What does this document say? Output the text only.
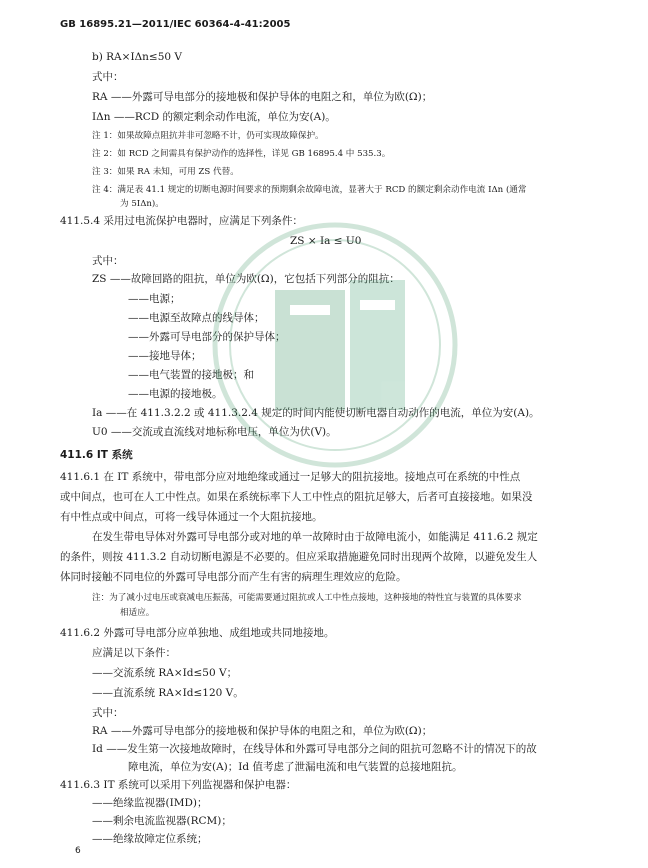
GB 16895.21—2011/IEC 60364-4-41:2005
b) RA×IΔn≤50 V
式中：
RA ——外露可导电部分的接地极和保护导体的电阻之和，单位为欧(Ω)；
IΔn ——RCD 的额定剩余动作电流，单位为安(A)。
注 1：如果故障点阻抗并非可忽略不计，仍可实现故障保护。
注 2：如 RCD 之间需具有保护动作的选择性，详见 GB 16895.4 中 535.3。
注 3：如果 RA 未知，可用 ZS 代替。
注 4：满足表 41.1 规定的切断电源时间要求的预期剩余故障电流，显著大于 RCD 的额定剩余动作电流 IΔn (通常
为 5IΔn)。
411.5.4 采用过电流保护电器时，应满足下列条件：
ZS × Ia ≤ U0
式中：
ZS ——故障回路的阻抗，单位为欧(Ω)，它包括下列部分的阻抗：
——电源；
——电源至故障点的线导体；
——外露可导电部分的保护导体；
——接地导体；
——电气装置的接地极；和
——电源的接地极。
Ia ——在 411.3.2.2 或 411.3.2.4 规定的时间内能使切断电器自动动作的电流，单位为安(A)。
U0 ——交流或直流线对地标称电压，单位为伏(V)。
411.6 IT 系统
411.6.1 在 IT 系统中，带电部分应对地绝缘或通过一足够大的阻抗接地。接地点可在系统的中性点
或中间点，也可在人工中性点。如果在系统标率下人工中性点的阻抗足够大，后者可直接接地。如果没
有中性点或中间点，可将一线导体通过一个大阻抗接地。
在发生带电导体对外露可导电部分或对地的单一故障时由于故障电流小，如能满足 411.6.2 规定
的条件，则按 411.3.2 自动切断电源是不必要的。但应采取措施避免同时出现两个故障，以避免发生人
体同时接触不同电位的外露可导电部分而产生有害的病理生理效应的危险。
注：为了减小过电压或衰减电压振荡，可能需要通过阻抗或人工中性点接地，这种接地的特性宜与装置的具体要求
相适应。
411.6.2 外露可导电部分应单独地、成组地或共同地接地。
应满足以下条件：
——交流系统 RA×Id≤50 V；
——直流系统 RA×Id≤120 V。
式中：
RA ——外露可导电部分的接地极和保护导体的电阻之和，单位为欧(Ω)；
Id ——发生第一次接地故障时，在线导体和外露可导电部分之间的阻抗可忽略不计的情况下的故
障电流，单位为安(A)；Id 值考虑了泄漏电流和电气装置的总接地阻抗。
411.6.3 IT 系统可以采用下列监视器和保护电器：
——绝缘监视器(IMD)；
——剩余电流监视器(RCM)；
——绝缘故障定位系统；
6
